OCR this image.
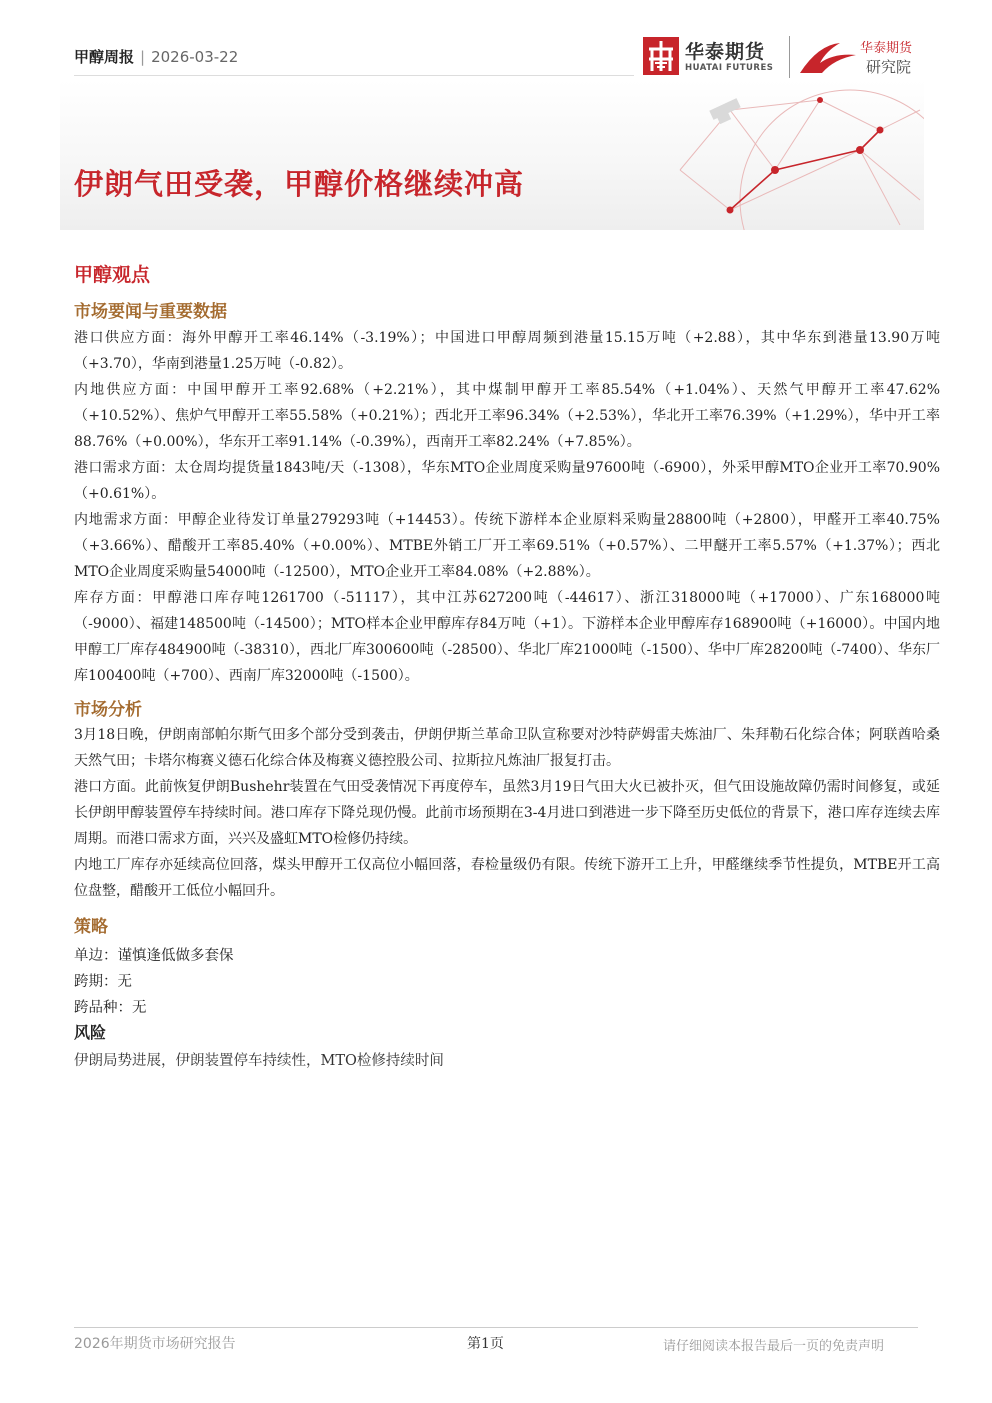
甲醇周报 | 2026-03-22	华泰期货
HUATAI FUTURES
华泰期货
研究院
伊朗气田受袭，甲醇价格继续冲高
甲醇观点
市场要闻与重要数据
港口供应方面：海外甲醇开工率46.14%（-3.19%）；中国进口甲醇周频到港量15.15万吨（+2.88），其中华东到港量13.90万吨（+3.70），华南到港量1.25万吨（-0.82）。
内地供应方面：中国甲醇开工率92.68%（+2.21%），其中煤制甲醇开工率85.54%（+1.04%）、天然气甲醇开工率47.62%（+10.52%）、焦炉气甲醇开工率55.58%（+0.21%）；西北开工率96.34%（+2.53%），华北开工率76.39%（+1.29%），华中开工率88.76%（+0.00%），华东开工率91.14%（-0.39%），西南开工率82.24%（+7.85%）。
港口需求方面：太仓周均提货量1843吨/天（-1308），华东MTO企业周度采购量97600吨（-6900），外采甲醇MTO企业开工率70.90%（+0.61%）。
内地需求方面：甲醇企业待发订单量279293吨（+14453）。传统下游样本企业原料采购量28800吨（+2800），甲醛开工率40.75%（+3.66%）、醋酸开工率85.40%（+0.00%）、MTBE外销工厂开工率69.51%（+0.57%）、二甲醚开工率5.57%（+1.37%）；西北MTO企业周度采购量54000吨（-12500），MTO企业开工率84.08%（+2.88%）。
库存方面：甲醇港口库存吨1261700（-51117），其中江苏627200吨（-44617）、浙江318000吨（+17000）、广东168000吨（-9000）、福建148500吨（-14500）；MTO样本企业甲醇库存84万吨（+1）。下游样本企业甲醇库存168900吨（+16000）。中国内地甲醇工厂库存484900吨（-38310），西北厂库300600吨（-28500）、华北厂库21000吨（-1500）、华中厂库28200吨（-7400）、华东厂库100400吨（+700）、西南厂库32000吨（-1500）。
市场分析
3月18日晚，伊朗南部帕尔斯气田多个部分受到袭击，伊朗伊斯兰革命卫队宣称要对沙特萨姆雷夫炼油厂、朱拜勒石化综合体；阿联酋哈桑天然气田；卡塔尔梅赛义德石化综合体及梅赛义德控股公司、拉斯拉凡炼油厂报复打击。
港口方面。此前恢复伊朗Bushehr装置在气田受袭情况下再度停车，虽然3月19日气田大火已被扑灭，但气田设施故障仍需时间修复，或延长伊朗甲醇装置停车持续时间。港口库存下降兑现仍慢。此前市场预期在3-4月进口到港进一步下降至历史低位的背景下，港口库存连续去库周期。而港口需求方面，兴兴及盛虹MTO检修仍持续。
内地工厂库存亦延续高位回落，煤头甲醇开工仅高位小幅回落，春检量级仍有限。传统下游开工上升，甲醛继续季节性提负，MTBE开工高位盘整，醋酸开工低位小幅回升。
策略
单边：谨慎逢低做多套保
跨期：无
跨品种：无
风险
伊朗局势进展，伊朗装置停车持续性，MTO检修持续时间
2026年期货市场研究报告	第1页	请仔细阅读本报告最后一页的免责声明
